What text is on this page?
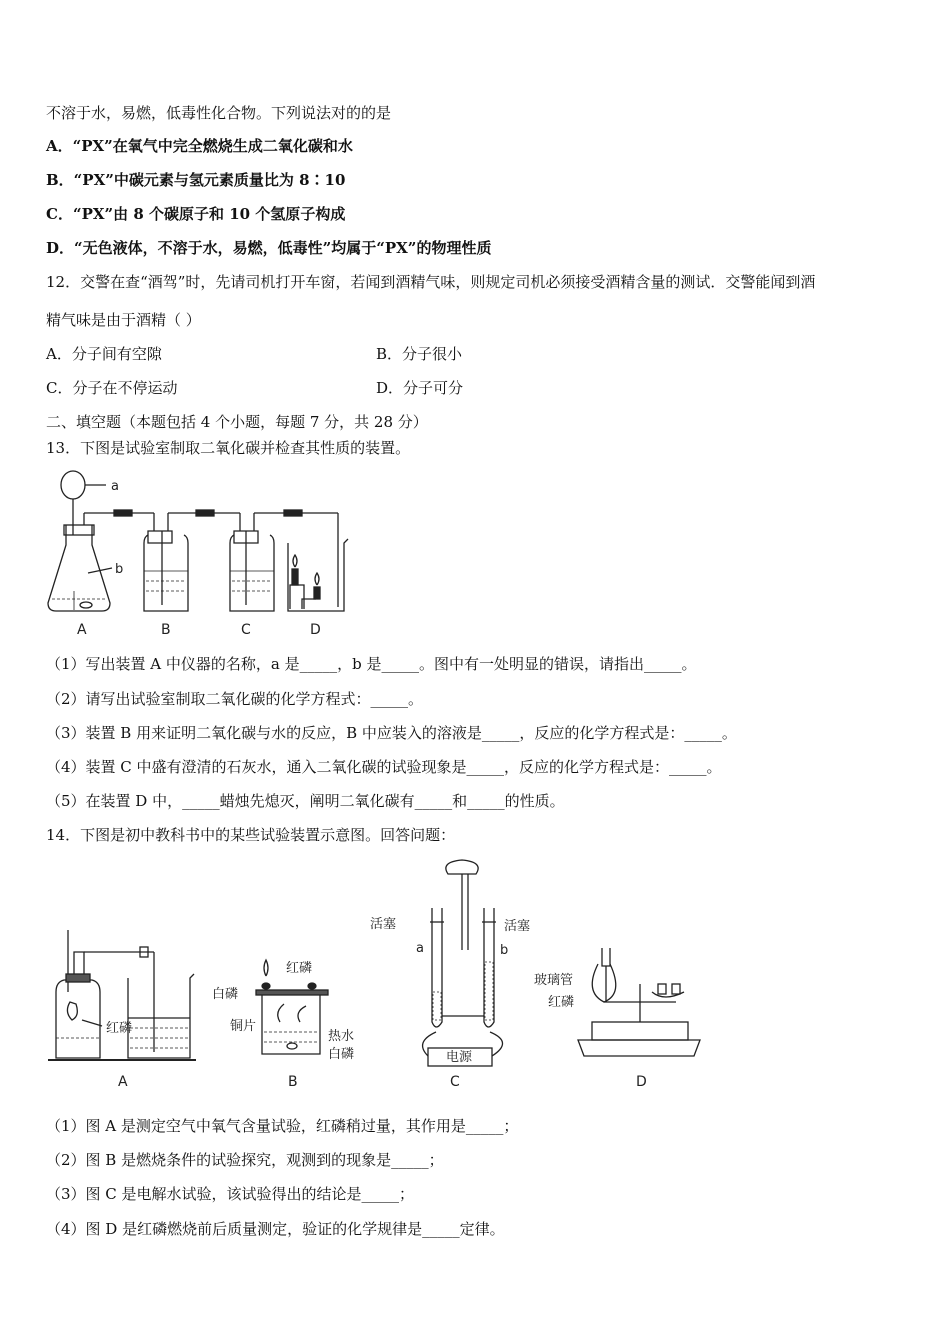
不溶于水，易燃，低毒性化合物。下列说法对的的是
A．“PX”在氧气中完全燃烧生成二氧化碳和水
B．“PX”中碳元素与氢元素质量比为 8∶10
C．“PX”由 8 个碳原子和 10 个氢原子构成
D．“无色液体，不溶于水，易燃，低毒性”均属于“PX”的物理性质
12．交警在查“酒驾”时，先请司机打开车窗，若闻到酒精气味，则规定司机必须接受酒精含量的测试．交警能闻到酒
精气味是由于酒精（ ）
A．分子间有空隙	B．分子很小
C．分子在不停运动	D．分子可分
二、填空题（本题包括 4 个小题，每题 7 分，共 28 分）
13．下图是试验室制取二氧化碳并检查其性质的装置。
a
b
A	B	C	D
（1）写出装置 A 中仪器的名称，a 是_____，b 是_____。图中有一处明显的错误，请指出_____。
（2）请写出试验室制取二氧化碳的化学方程式：_____。
（3）装置 B 用来证明二氧化碳与水的反应，B 中应装入的溶液是_____，反应的化学方程式是：_____。
（4）装置 C 中盛有澄清的石灰水，通入二氧化碳的试验现象是_____，反应的化学方程式是：_____。
（5）在装置 D 中，_____蜡烛先熄灭，阐明二氧化碳有_____和_____的性质。
14．下图是初中教科书中的某些试验装置示意图。回答问题：
红磷
A
红磷
白磷
铜片
热水
白磷
B
活塞	活塞
a	b
电源
C
玻璃管
红磷
D
（1）图 A 是测定空气中氧气含量试验，红磷稍过量，其作用是_____；
（2）图 B 是燃烧条件的试验探究，观测到的现象是_____；
（3）图 C 是电解水试验，该试验得出的结论是_____；
（4）图 D 是红磷燃烧前后质量测定，验证的化学规律是_____定律。
